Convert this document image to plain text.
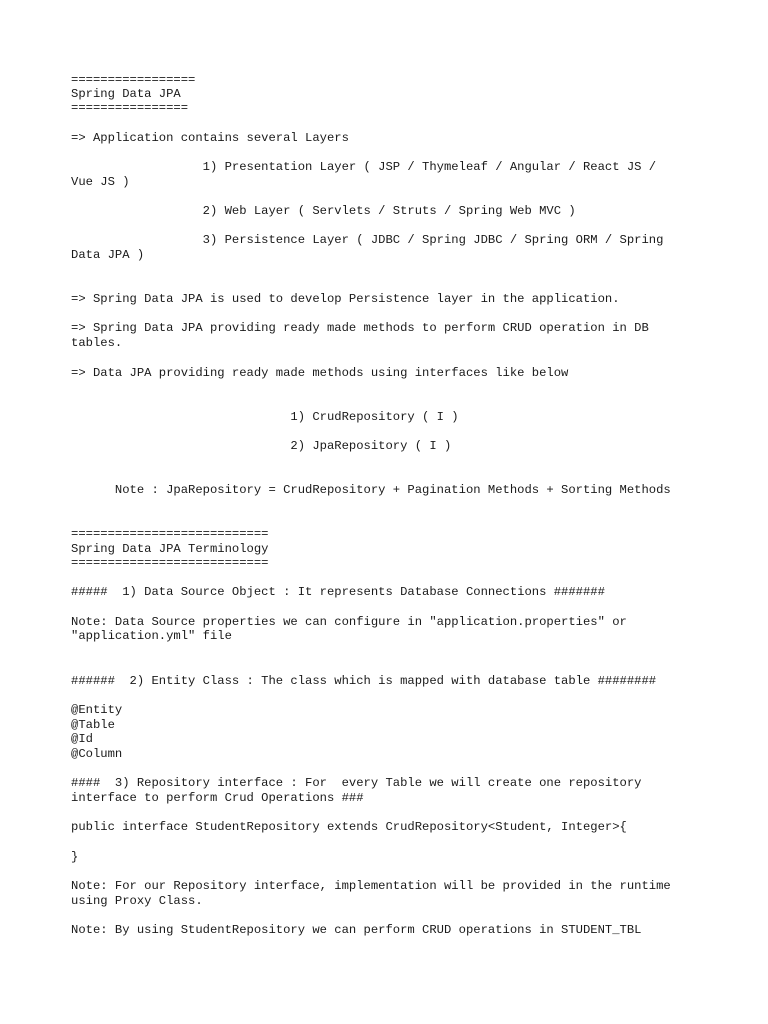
=================
Spring Data JPA
================
=> Application contains several Layers
1) Presentation Layer ( JSP / Thymeleaf / Angular / React JS /
Vue JS )
2) Web Layer ( Servlets / Struts / Spring Web MVC )
3) Persistence Layer ( JDBC / Spring JDBC / Spring ORM / Spring
Data JPA )
=> Spring Data JPA is used to develop Persistence layer in the application.
=> Spring Data JPA providing ready made methods to perform CRUD operation in DB
tables.
=> Data JPA providing ready made methods using interfaces like below
1) CrudRepository ( I )
2) JpaRepository ( I )
Note : JpaRepository = CrudRepository + Pagination Methods + Sorting Methods
===========================
Spring Data JPA Terminology
===========================
#####  1) Data Source Object : It represents Database Connections #######
Note: Data Source properties we can configure in "application.properties" or
"application.yml" file
######  2) Entity Class : The class which is mapped with database table ########
@Entity
@Table
@Id
@Column
####  3) Repository interface : For  every Table we will create one repository
interface to perform Crud Operations ###
public interface StudentRepository extends CrudRepository<Student, Integer>{
}
Note: For our Repository interface, implementation will be provided in the runtime
using Proxy Class.
Note: By using StudentRepository we can perform CRUD operations in STUDENT_TBL
